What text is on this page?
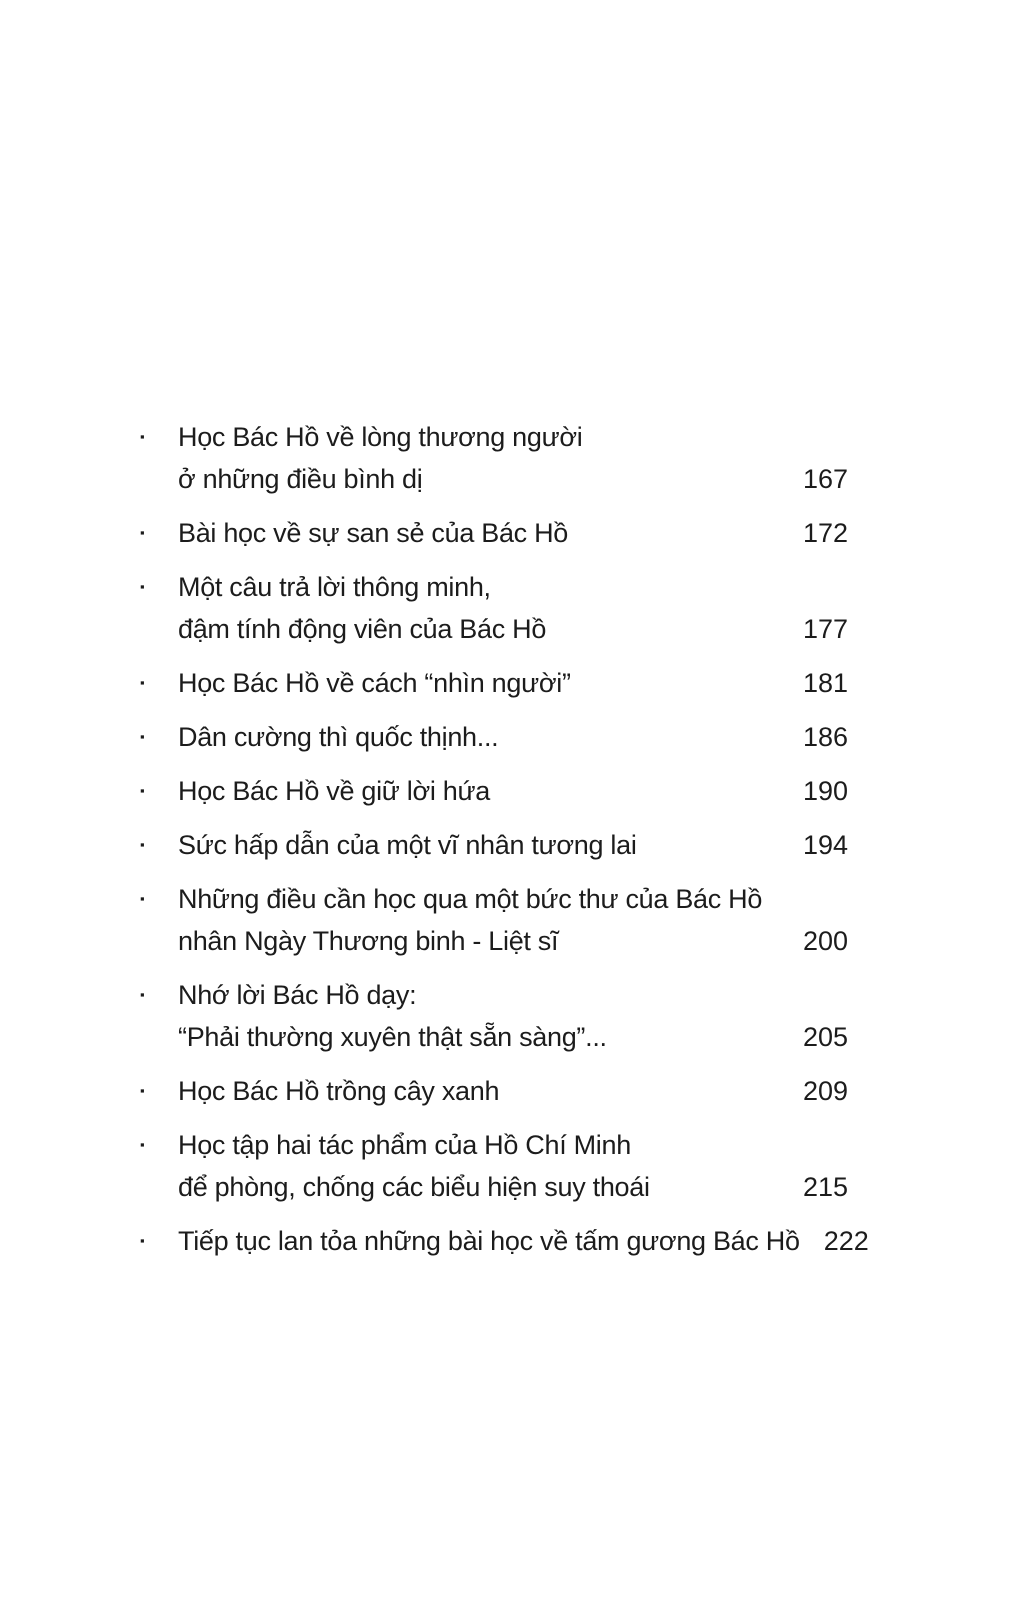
▪	Học Bác Hồ về lòng thương người
ở những điều bình dị	167
▪	Bài học về sự san sẻ của Bác Hồ	172
▪	Một câu trả lời thông minh,
đậm tính động viên của Bác Hồ	177
▪	Học Bác Hồ về cách “nhìn người”	181
▪	Dân cường thì quốc thịnh...	186
▪	Học Bác Hồ về giữ lời hứa	190
▪	Sức hấp dẫn của một vĩ nhân tương lai	194
▪	Những điều cần học qua một bức thư của Bác Hồ
nhân Ngày Thương binh - Liệt sĩ	200
▪	Nhớ lời Bác Hồ dạy:
“Phải thường xuyên thật sẵn sàng”...	205
▪	Học Bác Hồ trồng cây xanh	209
▪	Học tập hai tác phẩm của Hồ Chí Minh
để phòng, chống các biểu hiện suy thoái	215
▪	Tiếp tục lan tỏa những bài học về tấm gương Bác Hồ 222
